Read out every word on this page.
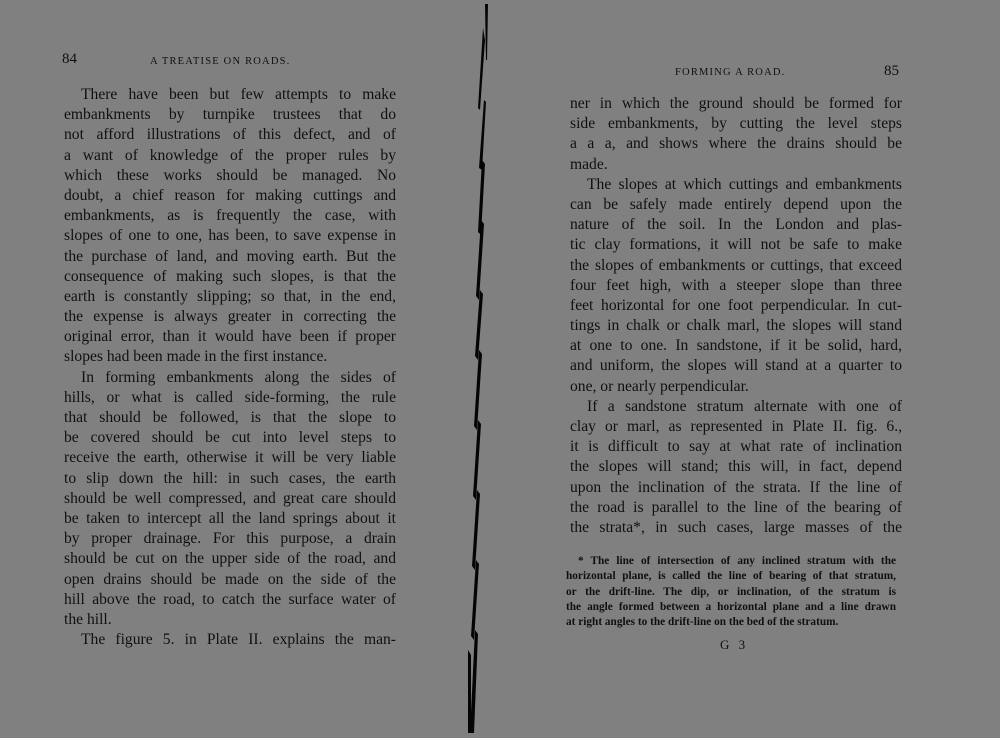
84	A TREATISE ON ROADS.
There have been but few attempts to make
embankments by turnpike trustees that do
not afford illustrations of this defect, and of
a want of knowledge of the proper rules by
which these works should be managed. No
doubt, a chief reason for making cuttings and
embankments, as is frequently the case, with
slopes of one to one, has been, to save expense in
the purchase of land, and moving earth. But the
consequence of making such slopes, is that the
earth is constantly slipping; so that, in the end,
the expense is always greater in correcting the
original error, than it would have been if proper
slopes had been made in the first instance.
In forming embankments along the sides of
hills, or what is called side-forming, the rule
that should be followed, is that the slope to
be covered should be cut into level steps to
receive the earth, otherwise it will be very liable
to slip down the hill: in such cases, the earth
should be well compressed, and great care should
be taken to intercept all the land springs about it
by proper drainage. For this purpose, a drain
should be cut on the upper side of the road, and
open drains should be made on the side of the
hill above the road, to catch the surface water of
the hill.
The figure 5. in Plate II. explains the man-
FORMING A ROAD.	85
ner in which the ground should be formed for
side embankments, by cutting the level steps
a a a, and shows where the drains should be
made.
The slopes at which cuttings and embankments
can be safely made entirely depend upon the
nature of the soil. In the London and plas-
tic clay formations, it will not be safe to make
the slopes of embankments or cuttings, that exceed
four feet high, with a steeper slope than three
feet horizontal for one foot perpendicular. In cut-
tings in chalk or chalk marl, the slopes will stand
at one to one. In sandstone, if it be solid, hard,
and uniform, the slopes will stand at a quarter to
one, or nearly perpendicular.
If a sandstone stratum alternate with one of
clay or marl, as represented in Plate II. fig. 6.,
it is difficult to say at what rate of inclination
the slopes will stand; this will, in fact, depend
upon the inclination of the strata. If the line of
the road is parallel to the line of the bearing of
the strata*, in such cases, large masses of the
* The line of intersection of any inclined stratum with the
horizontal plane, is called the line of bearing of that stratum,
or the drift-line. The dip, or inclination, of the stratum is
the angle formed between a horizontal plane and a line drawn
at right angles to the drift-line on the bed of the stratum.
G 3
